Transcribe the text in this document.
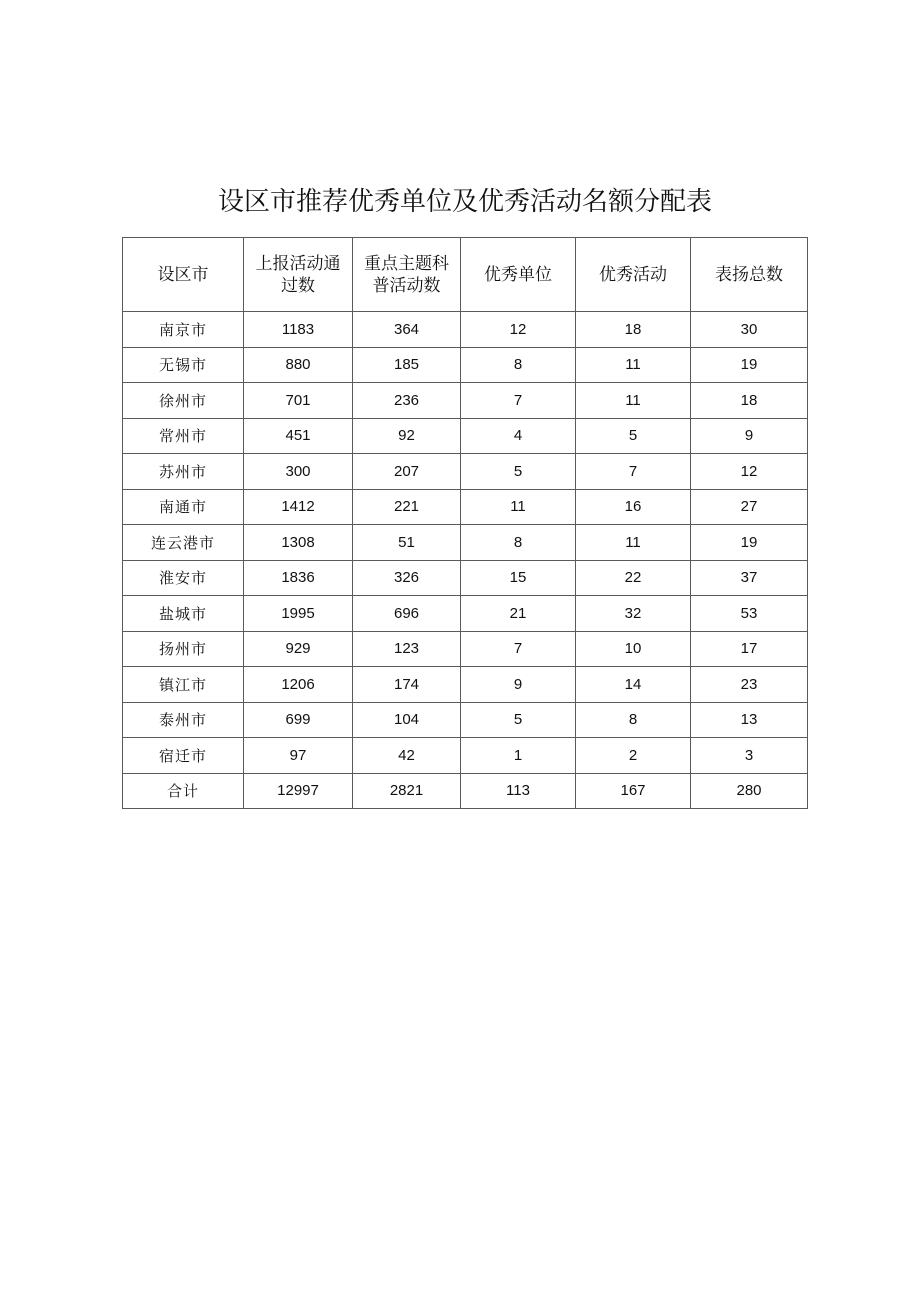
设区市推荐优秀单位及优秀活动名额分配表
设区市	上报活动通过数	重点主题科普活动数	优秀单位	优秀活动	表扬总数
南京市	1183	364	12	18	30
无锡市	880	185	8	11	19
徐州市	701	236	7	11	18
常州市	451	92	4	5	9
苏州市	300	207	5	7	12
南通市	1412	221	11	16	27
连云港市	1308	51	8	11	19
淮安市	1836	326	15	22	37
盐城市	1995	696	21	32	53
扬州市	929	123	7	10	17
镇江市	1206	174	9	14	23
泰州市	699	104	5	8	13
宿迁市	97	42	1	2	3
合计	12997	2821	113	167	280
